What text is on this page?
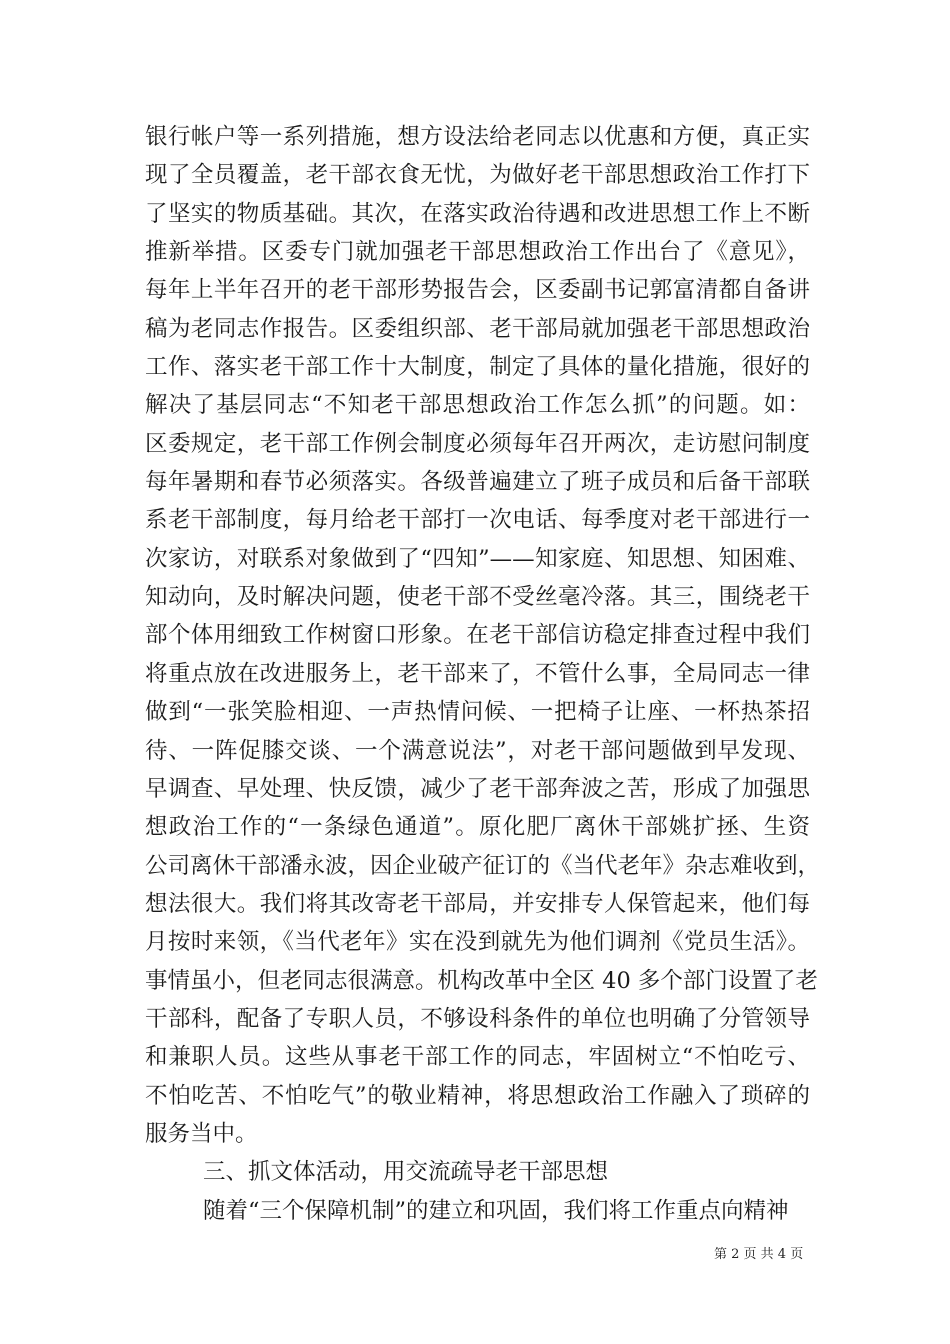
银行帐户等一系列措施，想方设法给老同志以优惠和方便，真正实
现了全员覆盖，老干部衣食无忧，为做好老干部思想政治工作打下
了坚实的物质基础。其次，在落实政治待遇和改进思想工作上不断
推新举措。区委专门就加强老干部思想政治工作出台了《意见》，
每年上半年召开的老干部形势报告会，区委副书记郭富清都自备讲
稿为老同志作报告。区委组织部、老干部局就加强老干部思想政治
工作、落实老干部工作十大制度，制定了具体的量化措施，很好的
解决了基层同志“不知老干部思想政治工作怎么抓”的问题。如：
区委规定，老干部工作例会制度必须每年召开两次，走访慰问制度
每年暑期和春节必须落实。各级普遍建立了班子成员和后备干部联
系老干部制度，每月给老干部打一次电话、每季度对老干部进行一
次家访，对联系对象做到了“四知”——知家庭、知思想、知困难、
知动向，及时解决问题，使老干部不受丝毫冷落。其三，围绕老干
部个体用细致工作树窗口形象。在老干部信访稳定排查过程中我们
将重点放在改进服务上，老干部来了，不管什么事，全局同志一律
做到“一张笑脸相迎、一声热情问候、一把椅子让座、一杯热茶招
待、一阵促膝交谈、一个满意说法”，对老干部问题做到早发现、
早调查、早处理、快反馈，减少了老干部奔波之苦，形成了加强思
想政治工作的“一条绿色通道”。原化肥厂离休干部姚扩拯、生资
公司离休干部潘永波，因企业破产征订的《当代老年》杂志难收到，
想法很大。我们将其改寄老干部局，并安排专人保管起来，他们每
月按时来领，《当代老年》实在没到就先为他们调剂《党员生活》。
事情虽小，但老同志很满意。机构改革中全区 40 多个部门设置了老
干部科，配备了专职人员，不够设科条件的单位也明确了分管领导
和兼职人员。这些从事老干部工作的同志，牢固树立“不怕吃亏、
不怕吃苦、不怕吃气”的敬业精神，将思想政治工作融入了琐碎的
服务当中。
三、抓文体活动，用交流疏导老干部思想
随着“三个保障机制”的建立和巩固，我们将工作重点向精神
第 2 页 共 4 页
